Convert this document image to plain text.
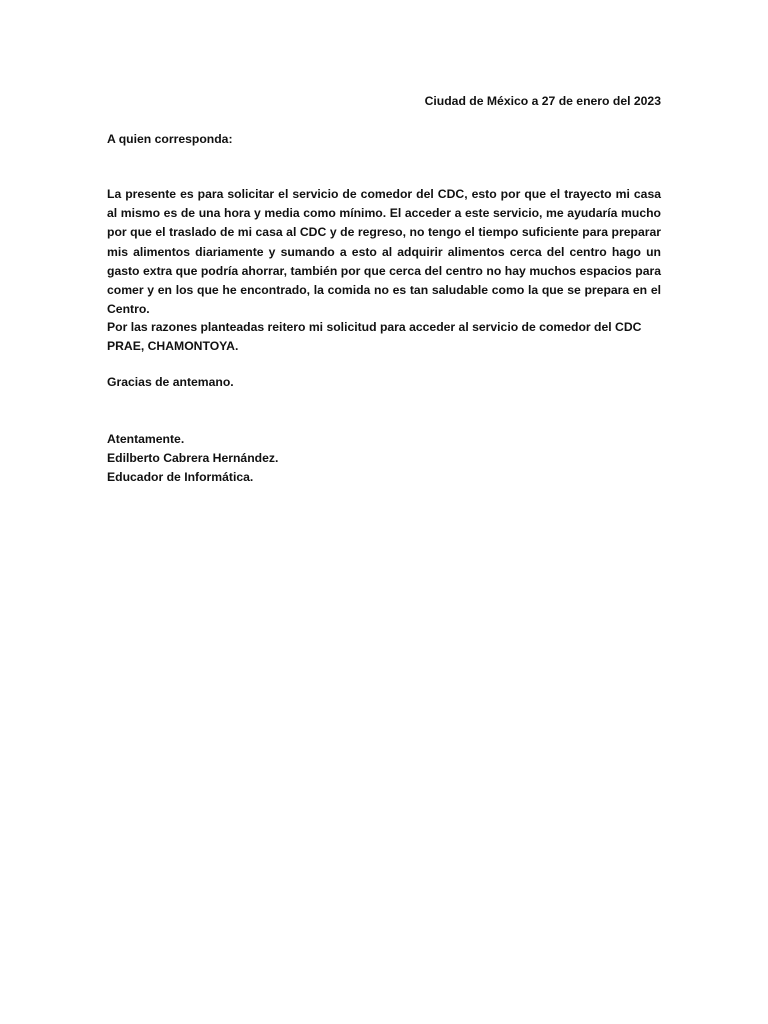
Ciudad de México a 27 de enero del 2023
A quien corresponda:

La presente es para solicitar el servicio de comedor del CDC, esto por que el trayecto mi casa al mismo es de una hora y media como mínimo. El acceder a este servicio, me ayudaría mucho por que el traslado de mi casa al CDC y de regreso, no tengo el tiempo suficiente para preparar mis alimentos diariamente y sumando a esto al adquirir alimentos cerca del centro hago un gasto extra que podría ahorrar, también por que cerca del centro no hay muchos espacios para comer y en los que he encontrado, la comida no es tan saludable como la que se prepara en el Centro.

Por las razones planteadas reitero mi solicitud para acceder al servicio de comedor del CDC PRAE, CHAMONTOYA.

Gracias de antemano.

Atentamente.
Edilberto Cabrera Hernández.
Educador de Informática.
